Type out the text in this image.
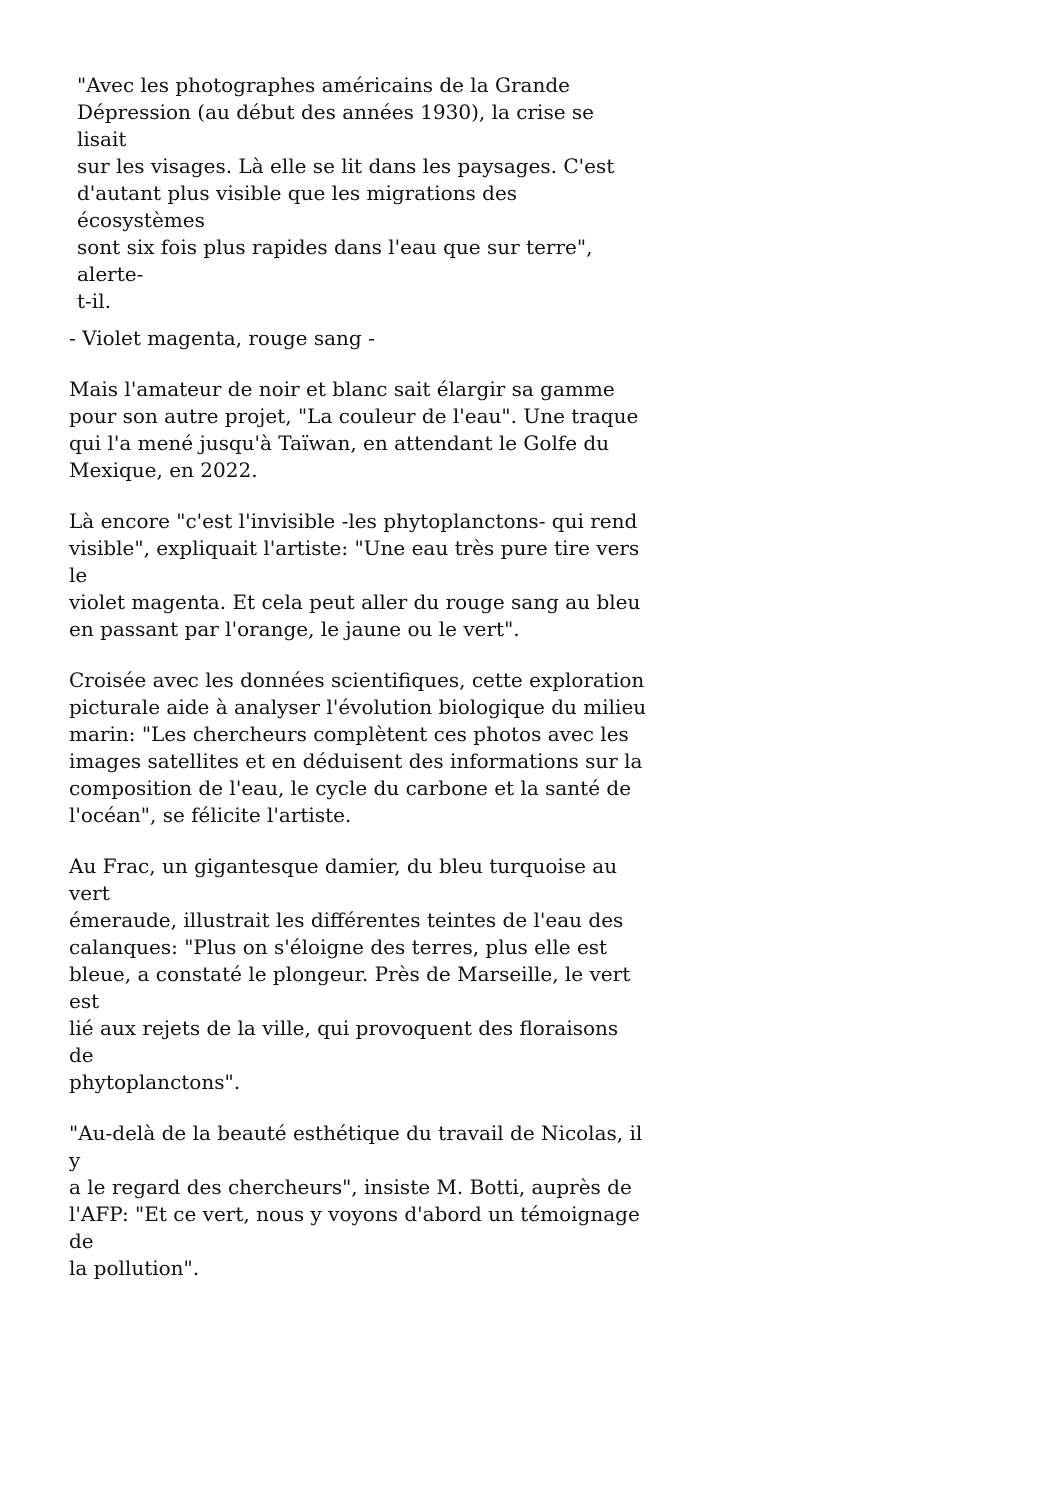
"Avec les photographes américains de la Grande
Dépression (au début des années 1930), la crise se lisait
sur les visages. Là elle se lit dans les paysages. C'est
d'autant plus visible que les migrations des écosystèmes
sont six fois plus rapides dans l'eau que sur terre", alerte-
t-il.

- Violet magenta, rouge sang -

Mais l'amateur de noir et blanc sait élargir sa gamme
pour son autre projet, "La couleur de l'eau". Une traque
qui l'a mené jusqu'à Taïwan, en attendant le Golfe du
Mexique, en 2022.

Là encore "c'est l'invisible -les phytoplanctons- qui rend
visible", expliquait l'artiste: "Une eau très pure tire vers le
violet magenta. Et cela peut aller du rouge sang au bleu
en passant par l'orange, le jaune ou le vert".

Croisée avec les données scientifiques, cette exploration
picturale aide à analyser l'évolution biologique du milieu
marin: "Les chercheurs complètent ces photos avec les
images satellites et en déduisent des informations sur la
composition de l'eau, le cycle du carbone et la santé de
l'océan", se félicite l'artiste.

Au Frac, un gigantesque damier, du bleu turquoise au vert
émeraude, illustrait les différentes teintes de l'eau des
calanques: "Plus on s'éloigne des terres, plus elle est
bleue, a constaté le plongeur. Près de Marseille, le vert est
lié aux rejets de la ville, qui provoquent des floraisons de
phytoplanctons".

"Au-delà de la beauté esthétique du travail de Nicolas, il y
a le regard des chercheurs", insiste M. Botti, auprès de
l'AFP: "Et ce vert, nous y voyons d'abord un témoignage de
la pollution".
